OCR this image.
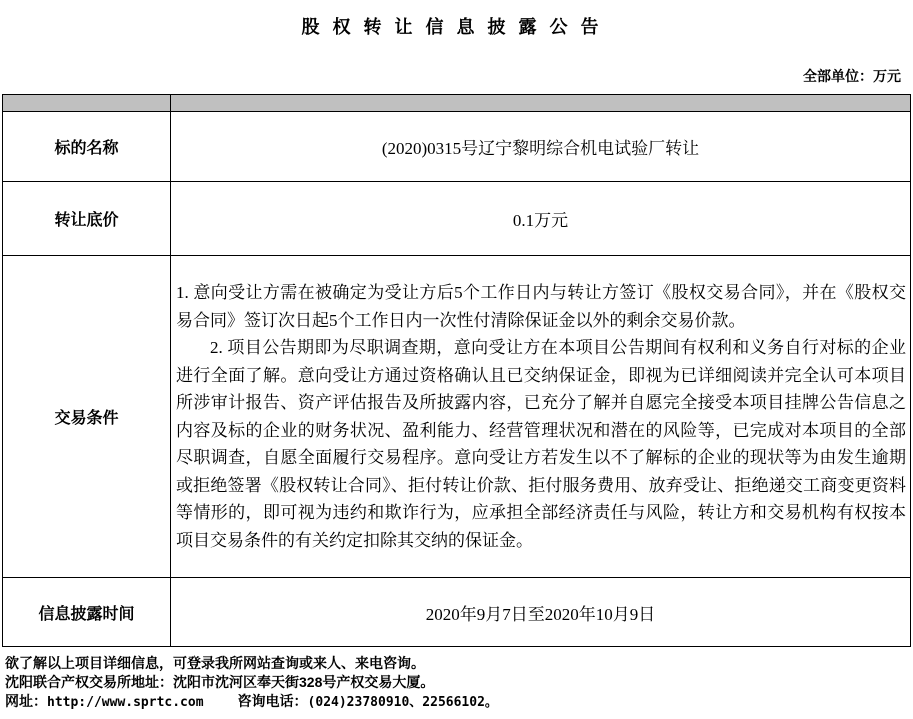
股权转让信息披露公告
全部单位：万元

标的名称	(2020)0315号辽宁黎明综合机电试验厂转让
转让底价	0.1万元
交易条件	1. 意向受让方需在被确定为受让方后5个工作日内与转让方签订《股权交易合同》，并在《股权交易合同》签订次日起5个工作日内一次性付清除保证金以外的剩余交易价款。

2. 项目公告期即为尽职调查期，意向受让方在本项目公告期间有权利和义务自行对标的企业进行全面了解。意向受让方通过资格确认且已交纳保证金，即视为已详细阅读并完全认可本项目所涉审计报告、资产评估报告及所披露内容，已充分了解并自愿完全接受本项目挂牌公告信息之内容及标的企业的财务状况、盈利能力、经营管理状况和潜在的风险等，已完成对本项目的全部尽职调查，自愿全面履行交易程序。意向受让方若发生以不了解标的企业的现状等为由发生逾期或拒绝签署《股权转让合同》、拒付转让价款、拒付服务费用、放弃受让、拒绝递交工商变更资料等情形的，即可视为违约和欺诈行为，应承担全部经济责任与风险，转让方和交易机构有权按本项目交易条件的有关约定扣除其交纳的保证金。

信息披露时间	2020年9月7日至2020年10月9日
欲了解以上项目详细信息，可登录我所网站查询或来人、来电咨询。
沈阳联合产权交易所地址：沈阳市沈河区奉天街328号产权交易大厦。
网址：http://www.sprtc.com 咨询电话：(024)23780910、22566102。
